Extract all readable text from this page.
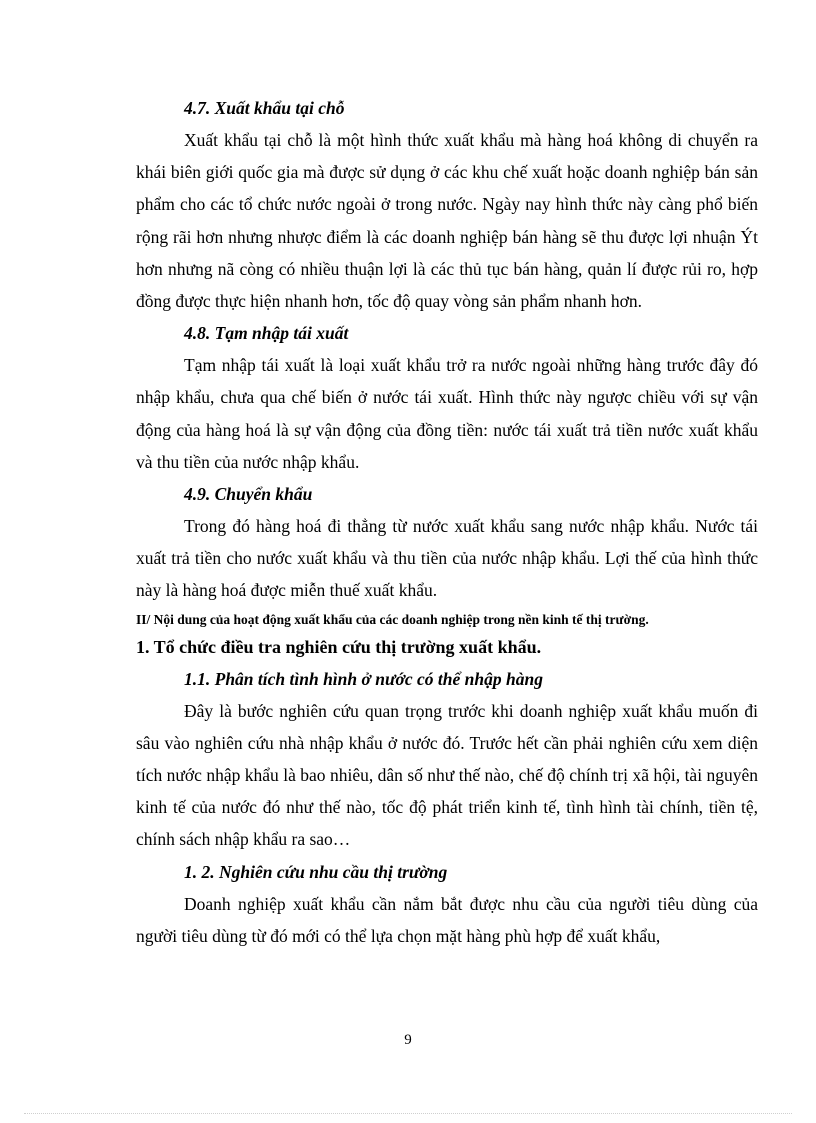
4.7. Xuất khẩu tại chỗ

Xuất khẩu tại chỗ là một hình thức xuất khẩu mà hàng hoá không di chuyển ra khái biên giới quốc gia mà được sử dụng ở các khu chế xuất hoặc doanh nghiệp bán sản phẩm cho các tổ chức nước ngoài ở trong nước. Ngày nay hình thức này càng phổ biến rộng rãi hơn nhưng nhược điểm là các doanh nghiệp bán hàng sẽ thu được lợi nhuận Ýt hơn nhưng nã còng có nhiều thuận lợi là các thủ tục bán hàng, quản lí được rủi ro, hợp đồng được thực hiện nhanh hơn, tốc độ quay vòng sản phẩm nhanh hơn.

4.8. Tạm nhập tái xuất

Tạm nhập tái xuất là loại xuất khẩu trở ra nước ngoài những hàng trước đây đó nhập khẩu, chưa qua chế biến ở nước tái xuất. Hình thức này ngược chiều với sự vận động của hàng hoá là sự vận động của đồng tiền: nước tái xuất trả tiền nước xuất khẩu và thu tiền của nước nhập khẩu.

4.9. Chuyển khẩu

Trong đó hàng hoá đi thẳng từ nước xuất khẩu sang nước nhập khẩu. Nước tái xuất trả tiền cho nước xuất khẩu và thu tiền của nước nhập khẩu. Lợi thế của hình thức này là hàng hoá được miễn thuế xuất khẩu.

II/ Nội dung của hoạt động xuất khẩu của các doanh nghiệp trong nền kinh tế thị trường.

1. Tổ chức điều tra nghiên cứu thị trường xuất khẩu.

1.1. Phân tích tình hình ở nước có thể nhập hàng

Đây là bước nghiên cứu quan trọng trước khi doanh nghiệp xuất khẩu muốn đi sâu vào nghiên cứu nhà nhập khẩu ở nước đó. Trước hết cần phải nghiên cứu xem diện tích nước nhập khẩu là bao nhiêu, dân số như thế nào, chế độ chính trị xã hội, tài nguyên kinh tế của nước đó như thế nào, tốc độ phát triển kinh tế, tình hình tài chính, tiền tệ, chính sách nhập khẩu ra sao…

1. 2. Nghiên cứu nhu cầu thị trường

Doanh nghiệp xuất khẩu cần nắm bắt được nhu cầu của người tiêu dùng của người tiêu dùng từ đó mới có thể lựa chọn mặt hàng phù hợp để xuất khẩu,

9
